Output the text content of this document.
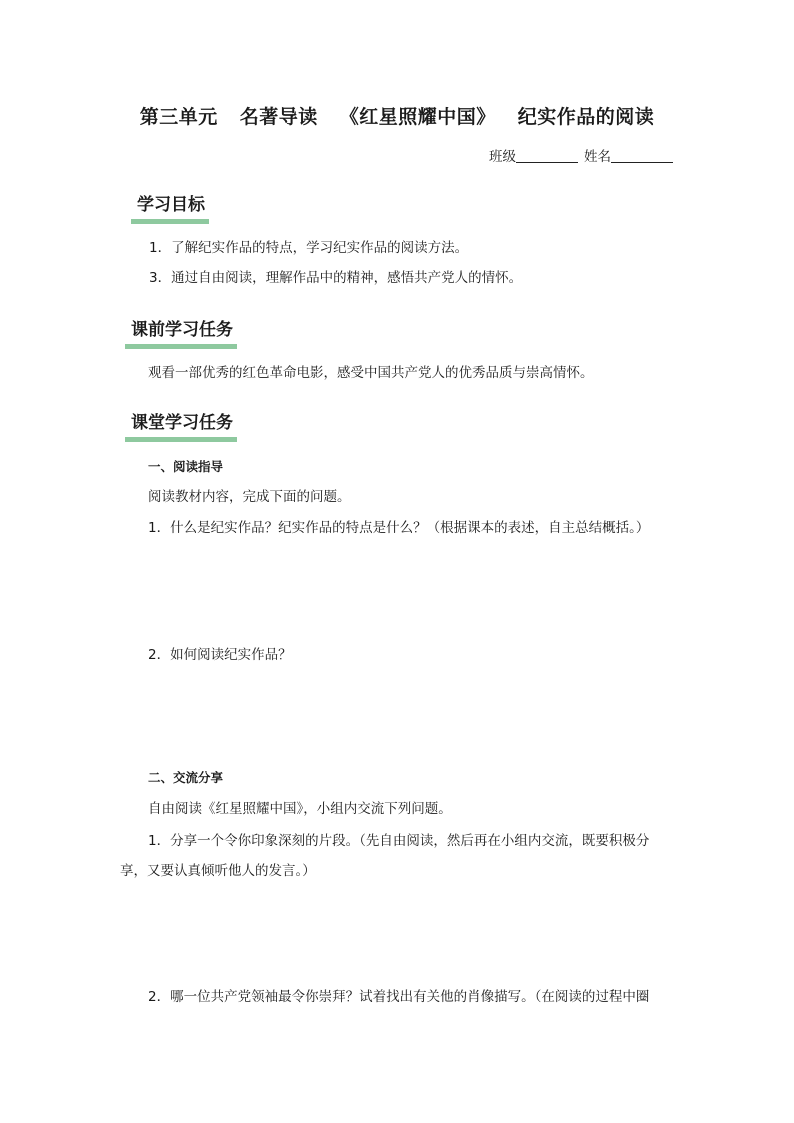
第三单元 名著导读 《红星照耀中国》 纪实作品的阅读
班级	姓名
学习目标
1．了解纪实作品的特点，学习纪实作品的阅读方法。
3．通过自由阅读，理解作品中的精神，感悟共产党人的情怀。
课前学习任务
观看一部优秀的红色革命电影，感受中国共产党人的优秀品质与崇高情怀。
课堂学习任务
一、阅读指导
阅读教材内容，完成下面的问题。
1．什么是纪实作品？纪实作品的特点是什么？（根据课本的表述，自主总结概括。）
2．如何阅读纪实作品？
二、交流分享
自由阅读《红星照耀中国》，小组内交流下列问题。
1．分享一个令你印象深刻的片段。（先自由阅读，然后再在小组内交流，既要积极分
享，又要认真倾听他人的发言。）
2．哪一位共产党领袖最令你崇拜？试着找出有关他的肖像描写。（在阅读的过程中圈
